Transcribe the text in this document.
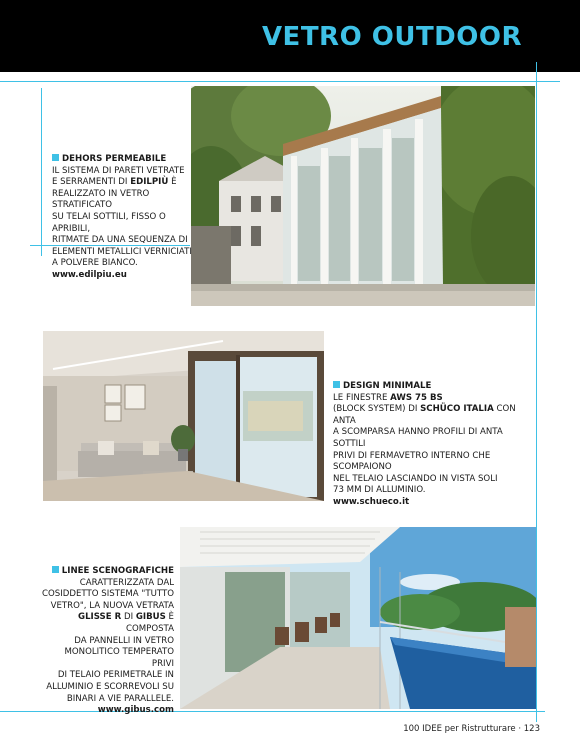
VETRO OUTDOOR
DEHORS PERMEABILE
IL SISTEMA DI PARETI VETRATE
E SERRAMENTI DI EDILPIÙ È
REALIZZATO IN VETRO STRATIFICATO
SU TELAI SOTTILI, FISSO O APRIBILI,
RITMATE DA UNA SEQUENZA DI
ELEMENTI METALLICI VERNICIATI
A POLVERE BIANCO.
www.edilpiu.eu
DESIGN MINIMALE
LE FINESTRE AWS 75 BS
(BLOCK SYSTEM) DI SCHÜCO ITALIA CON ANTA
A SCOMPARSA HANNO PROFILI DI ANTA SOTTILI
PRIVI DI FERMAVETRO INTERNO CHE SCOMPAIONO
NEL TELAIO LASCIANDO IN VISTA SOLI
73 MM DI ALLUMINIO.
www.schueco.it
LINEE SCENOGRAFICHE
CARATTERIZZATA DAL
COSIDDETTO SISTEMA "TUTTO
VETRO", LA NUOVA VETRATA
GLISSE R DI GIBUS È COMPOSTA
DA PANNELLI IN VETRO
MONOLITICO TEMPERATO PRIVI
DI TELAIO PERIMETRALE IN
ALLUMINIO E SCORREVOLI SU
BINARI A VIE PARALLELE.
www.gibus.com
100 IDEE per Ristrutturare · 123
